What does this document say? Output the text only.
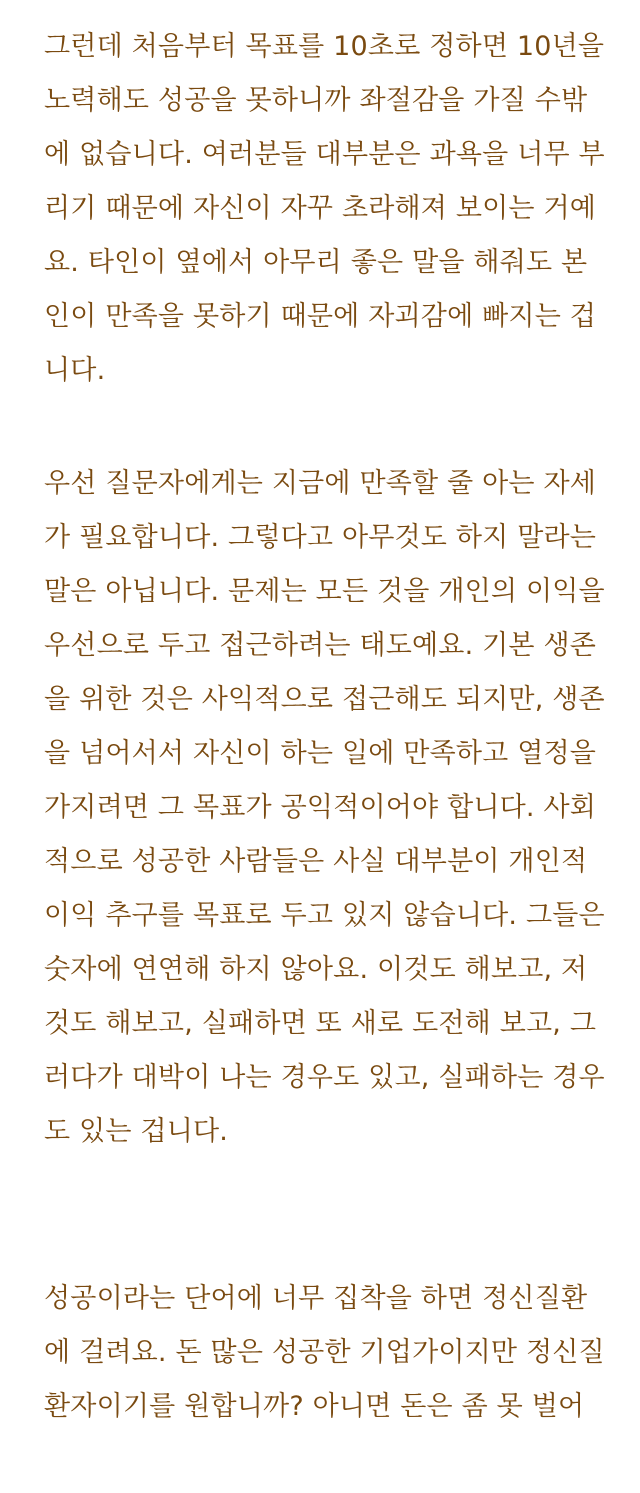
그런데 처음부터 목표를 10초로 정하면 10년을
노력해도 성공을 못하니까 좌절감을 가질 수밖
에 없습니다. 여러분들 대부분은 과욕을 너무 부
리기 때문에 자신이 자꾸 초라해져 보이는 거예
요. 타인이 옆에서 아무리 좋은 말을 해줘도 본
인이 만족을 못하기 때문에 자괴감에 빠지는 겁
니다.
우선 질문자에게는 지금에 만족할 줄 아는 자세
가 필요합니다. 그렇다고 아무것도 하지 말라는
말은 아닙니다. 문제는 모든 것을 개인의 이익을
우선으로 두고 접근하려는 태도예요. 기본 생존
을 위한 것은 사익적으로 접근해도 되지만, 생존
을 넘어서서 자신이 하는 일에 만족하고 열정을
가지려면 그 목표가 공익적이어야 합니다. 사회
적으로 성공한 사람들은 사실 대부분이 개인적
이익 추구를 목표로 두고 있지 않습니다. 그들은
숫자에 연연해 하지 않아요. 이것도 해보고, 저
것도 해보고, 실패하면 또 새로 도전해 보고, 그
러다가 대박이 나는 경우도 있고, 실패하는 경우
도 있는 겁니다.
성공이라는 단어에 너무 집착을 하면 정신질환
에 걸려요. 돈 많은 성공한 기업가이지만 정신질
환자이기를 원합니까? 아니면 돈은 좀 못 벌어
